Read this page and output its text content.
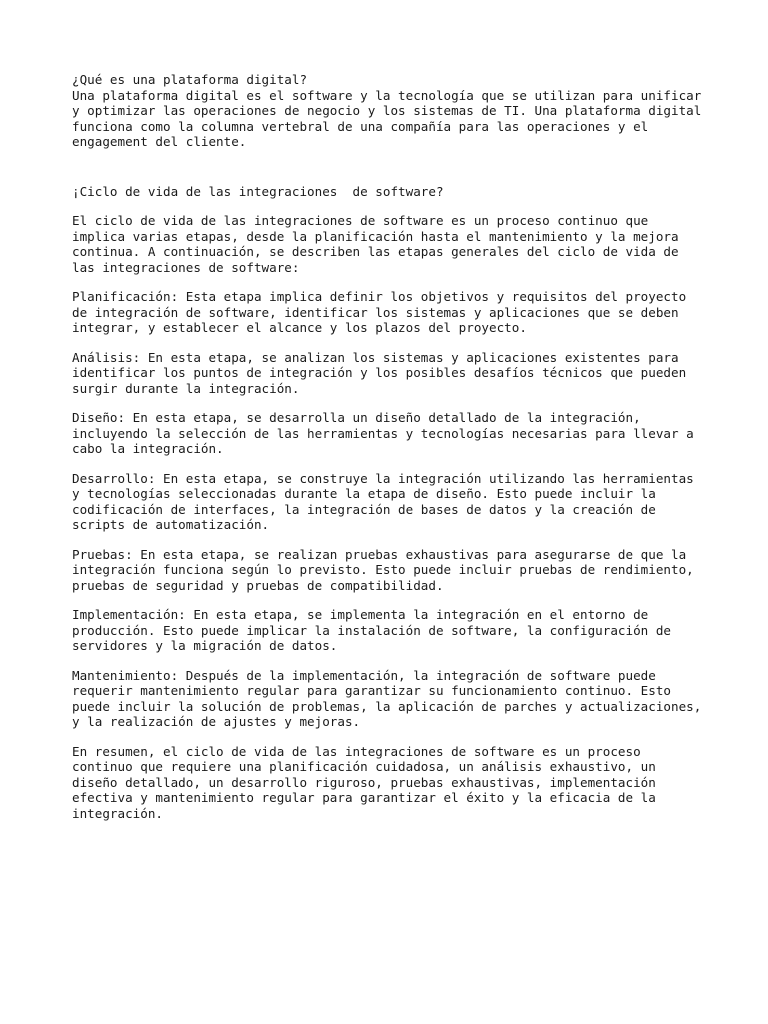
¿Qué es una plataforma digital?

Una plataforma digital es el software y la tecnología que se utilizan para unificar
y optimizar las operaciones de negocio y los sistemas de TI. Una plataforma digital
funciona como la columna vertebral de una compañía para las operaciones y el
engagement del cliente.

¡Ciclo de vida de las integraciones  de software?

El ciclo de vida de las integraciones de software es un proceso continuo que
implica varias etapas, desde la planificación hasta el mantenimiento y la mejora
continua. A continuación, se describen las etapas generales del ciclo de vida de
las integraciones de software:

Planificación: Esta etapa implica definir los objetivos y requisitos del proyecto
de integración de software, identificar los sistemas y aplicaciones que se deben
integrar, y establecer el alcance y los plazos del proyecto.

Análisis: En esta etapa, se analizan los sistemas y aplicaciones existentes para
identificar los puntos de integración y los posibles desafíos técnicos que pueden
surgir durante la integración.

Diseño: En esta etapa, se desarrolla un diseño detallado de la integración,
incluyendo la selección de las herramientas y tecnologías necesarias para llevar a
cabo la integración.

Desarrollo: En esta etapa, se construye la integración utilizando las herramientas
y tecnologías seleccionadas durante la etapa de diseño. Esto puede incluir la
codificación de interfaces, la integración de bases de datos y la creación de
scripts de automatización.

Pruebas: En esta etapa, se realizan pruebas exhaustivas para asegurarse de que la
integración funciona según lo previsto. Esto puede incluir pruebas de rendimiento,
pruebas de seguridad y pruebas de compatibilidad.

Implementación: En esta etapa, se implementa la integración en el entorno de
producción. Esto puede implicar la instalación de software, la configuración de
servidores y la migración de datos.

Mantenimiento: Después de la implementación, la integración de software puede
requerir mantenimiento regular para garantizar su funcionamiento continuo. Esto
puede incluir la solución de problemas, la aplicación de parches y actualizaciones,
y la realización de ajustes y mejoras.

En resumen, el ciclo de vida de las integraciones de software es un proceso
continuo que requiere una planificación cuidadosa, un análisis exhaustivo, un
diseño detallado, un desarrollo riguroso, pruebas exhaustivas, implementación
efectiva y mantenimiento regular para garantizar el éxito y la eficacia de la
integración.
